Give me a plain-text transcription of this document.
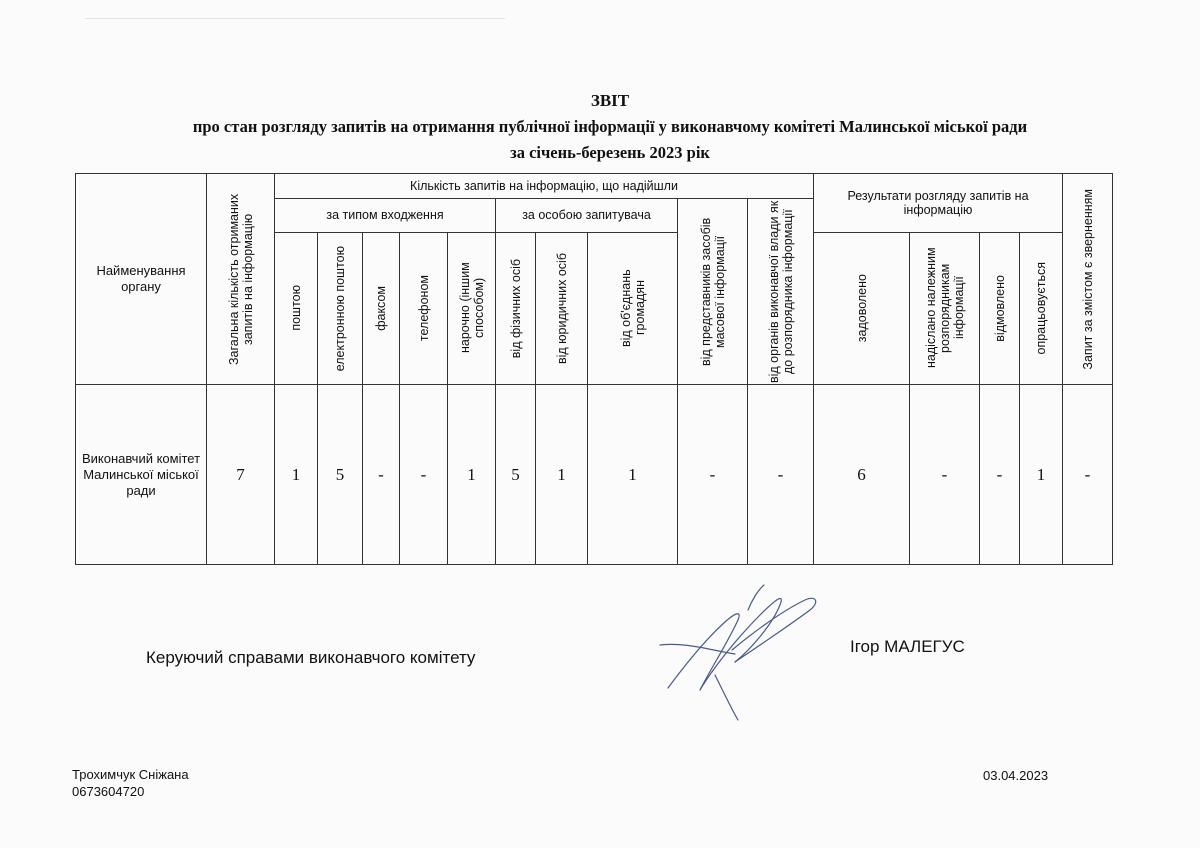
ЗВІТ
про стан розгляду запитів на отримання публічної інформації у виконавчому комітеті Малинської міської ради
за січень-березень 2023 рік
Найменування органу	Загальна кількість отриманих запитів на інформацію	Кількість запитів на інформацію, що надійшли										Результати розгляду запитів на інформацію				Запит за змістом є зверненням

		за типом входження					за особою запитувача			від представників засобів масової інформації	від органів виконавчої влади як до розпорядника інформації					

		поштою	електронною поштою	факсом	телефоном	нарочно (іншим способом)	від фізичних осіб	від юридичних осіб	від об'єднань громадян			задоволено	надіслано належним розпорядникам інформації	відмовлено	опрацьовується	

Виконавчий комітет Малинської міської ради	7	1	5	-	-	1	5	1	1	-	-	6	-	-	1	-
Керуючий справами виконавчого комітету
Ігор МАЛЕГУС
Трохимчук Сніжана
0673604720
03.04.2023
